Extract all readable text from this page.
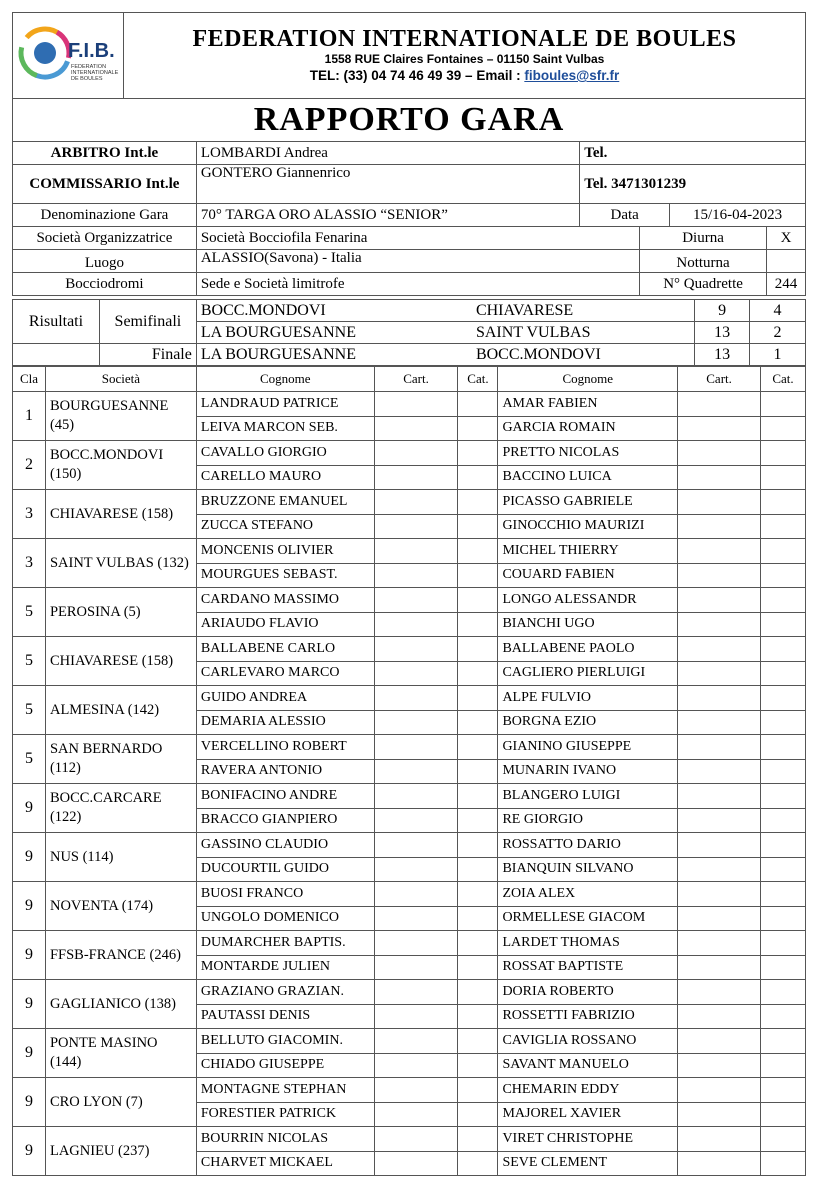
F.I.B.
FEDERATION
INTERNATIONALE
DE BOULES

FEDERATION INTERNATIONALE DE BOULES
1558 RUE Claires Fontaines – 01150 Saint Vulbas
TEL: (33) 04 74 46 49 39 – Email : fiboules@sfr.fr
RAPPORTO GARA
ARBITRO Int.le	LOMBARDI Andrea	Tel.			
COMMISSARIO Int.le	GONTERO Giannenrico	Tel. 3471301239			
Denominazione Gara	70° TARGA ORO ALASSIO “SENIOR”	Data		15/16-04-2023	
Società Organizzatrice	Società Bocciofila Fenarina		Diurna		X
Luogo	ALASSIO(Savona) - Italia		Notturna		
Bocciodromi	Sede e Società limitrofe		N° Quadrette		244
Risultati	Semifinali	BOCC.MONDOVI	CHIAVARESE	9	4
		LA BOURGUESANNE	SAINT VULBAS	13	2
	Finale	LA BOURGUESANNE	BOCC.MONDOVI	13	1
Cla	Società	Cognome	Cart.	Cat.	Cognome	Cart.	Cat.
1	BOURGUESANNE (45)	LANDRAUD PATRICE			AMAR FABIEN		
		LEIVA MARCON SEB.			GARCIA ROMAIN		
2	BOCC.MONDOVI (150)	CAVALLO GIORGIO			PRETTO NICOLAS		
		CARELLO MAURO			BACCINO LUICA		
3	CHIAVARESE (158)	BRUZZONE EMANUEL			PICASSO GABRIELE		
		ZUCCA STEFANO			GINOCCHIO MAURIZI		
3	SAINT VULBAS (132)	MONCENIS OLIVIER			MICHEL THIERRY		
		MOURGUES SEBAST.			COUARD FABIEN		
5	PEROSINA (5)	CARDANO MASSIMO			LONGO ALESSANDR		
		ARIAUDO FLAVIO			BIANCHI UGO		
5	CHIAVARESE (158)	BALLABENE CARLO			BALLABENE PAOLO		
		CARLEVARO MARCO			CAGLIERO PIERLUIGI		
5	ALMESINA (142)	GUIDO ANDREA			ALPE FULVIO		
		DEMARIA ALESSIO			BORGNA EZIO		
5	SAN BERNARDO (112)	VERCELLINO ROBERT			GIANINO GIUSEPPE		
		RAVERA ANTONIO			MUNARIN IVANO		
9	BOCC.CARCARE (122)	BONIFACINO ANDRE			BLANGERO LUIGI		
		BRACCO GIANPIERO			RE GIORGIO		
9	NUS (114)	GASSINO CLAUDIO			ROSSATTO DARIO		
		DUCOURTIL GUIDO			BIANQUIN SILVANO		
9	NOVENTA (174)	BUOSI FRANCO			ZOIA ALEX		
		UNGOLO DOMENICO			ORMELLESE GIACOM		
9	FFSB-FRANCE (246)	DUMARCHER BAPTIS.			LARDET THOMAS		
		MONTARDE JULIEN			ROSSAT BAPTISTE		
9	GAGLIANICO (138)	GRAZIANO GRAZIAN.			DORIA ROBERTO		
		PAUTASSI DENIS			ROSSETTI FABRIZIO		
9	PONTE MASINO (144)	BELLUTO GIACOMIN.			CAVIGLIA ROSSANO		
		CHIADO GIUSEPPE			SAVANT MANUELO		
9	CRO LYON (7)	MONTAGNE STEPHAN			CHEMARIN EDDY		
		FORESTIER PATRICK			MAJOREL XAVIER		
9	LAGNIEU (237)	BOURRIN NICOLAS			VIRET CHRISTOPHE		
		CHARVET MICKAEL			SEVE CLEMENT		
